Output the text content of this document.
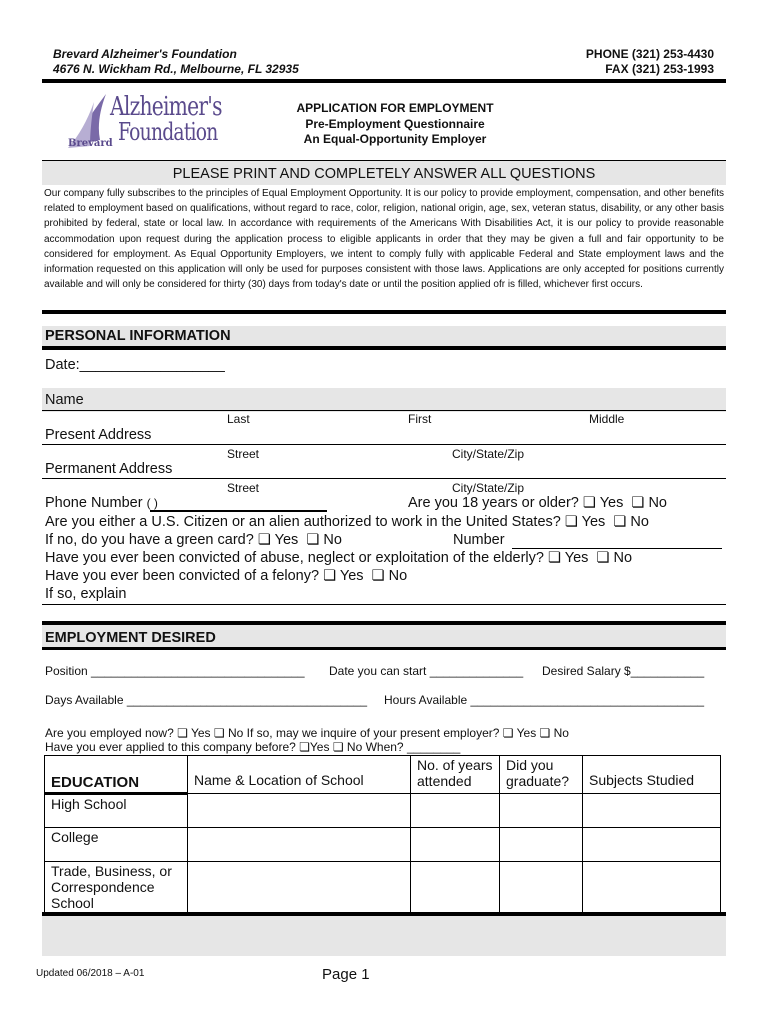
Brevard Alzheimer's Foundation
4676 N. Wickham Rd., Melbourne, FL 32935
PHONE (321) 253-4430
FAX (321) 253-1993
Alzheimer's
Foundation
Brevard
APPLICATION FOR EMPLOYMENT
Pre-Employment Questionnaire
An Equal-Opportunity Employer
PLEASE PRINT AND COMPLETELY ANSWER ALL QUESTIONS
Our company fully subscribes to the principles of Equal Employment Opportunity. It is our policy to provide employment, compensation, and other benefits related to employment based on qualifications, without regard to race, color, religion, national origin, age, sex, veteran status, disability, or any other basis prohibited by federal, state or local law. In accordance with requirements of the Americans With Disabilities Act, it is our policy to provide reasonable accommodation upon request during the application process to eligible applicants in order that they may be given a full and fair opportunity to be considered for employment. As Equal Opportunity Employers, we intent to comply fully with applicable Federal and State employment laws and the information requested on this application will only be used for purposes consistent with those laws. Applications are only accepted for positions currently available and will only be considered for thirty (30) days from today's date or until the position applied ofr is filled, whichever first occurs.
PERSONAL INFORMATION
Date:__________________
Name
Last	First	Middle
Present Address
Street	City/State/Zip
Permanent Address
Street	City/State/Zip
Phone Number ( )	Are you 18 years or older? ❏ Yes ❏ No
Are you either a U.S. Citizen or an alien authorized to work in the United States? ❏ Yes ❏ No
If no, do you have a green card? ❏ Yes ❏ No	Number
Have you ever been convicted of abuse, neglect or exploitation of the elderly? ❏ Yes ❏ No
Have you ever been convicted of a felony? ❏ Yes ❏ No
If so, explain
EMPLOYMENT DESIRED
Position ________________________________ Date you can start ______________ Desired Salary $___________
Days Available ____________________________________ Hours Available ___________________________________
Are you employed now? ❏ Yes ❏ No If so, may we inquire of your present employer? ❏ Yes ❏ No
Have you ever applied to this company before? ❏Yes ❏ No When? ________
EDUCATION	Name & Location of School	No. of years attended	Did you graduate?	Subjects Studied
High School				
College				
Trade, Business, or Correspondence School				
Updated 06/2018 – A-01	Page 1
